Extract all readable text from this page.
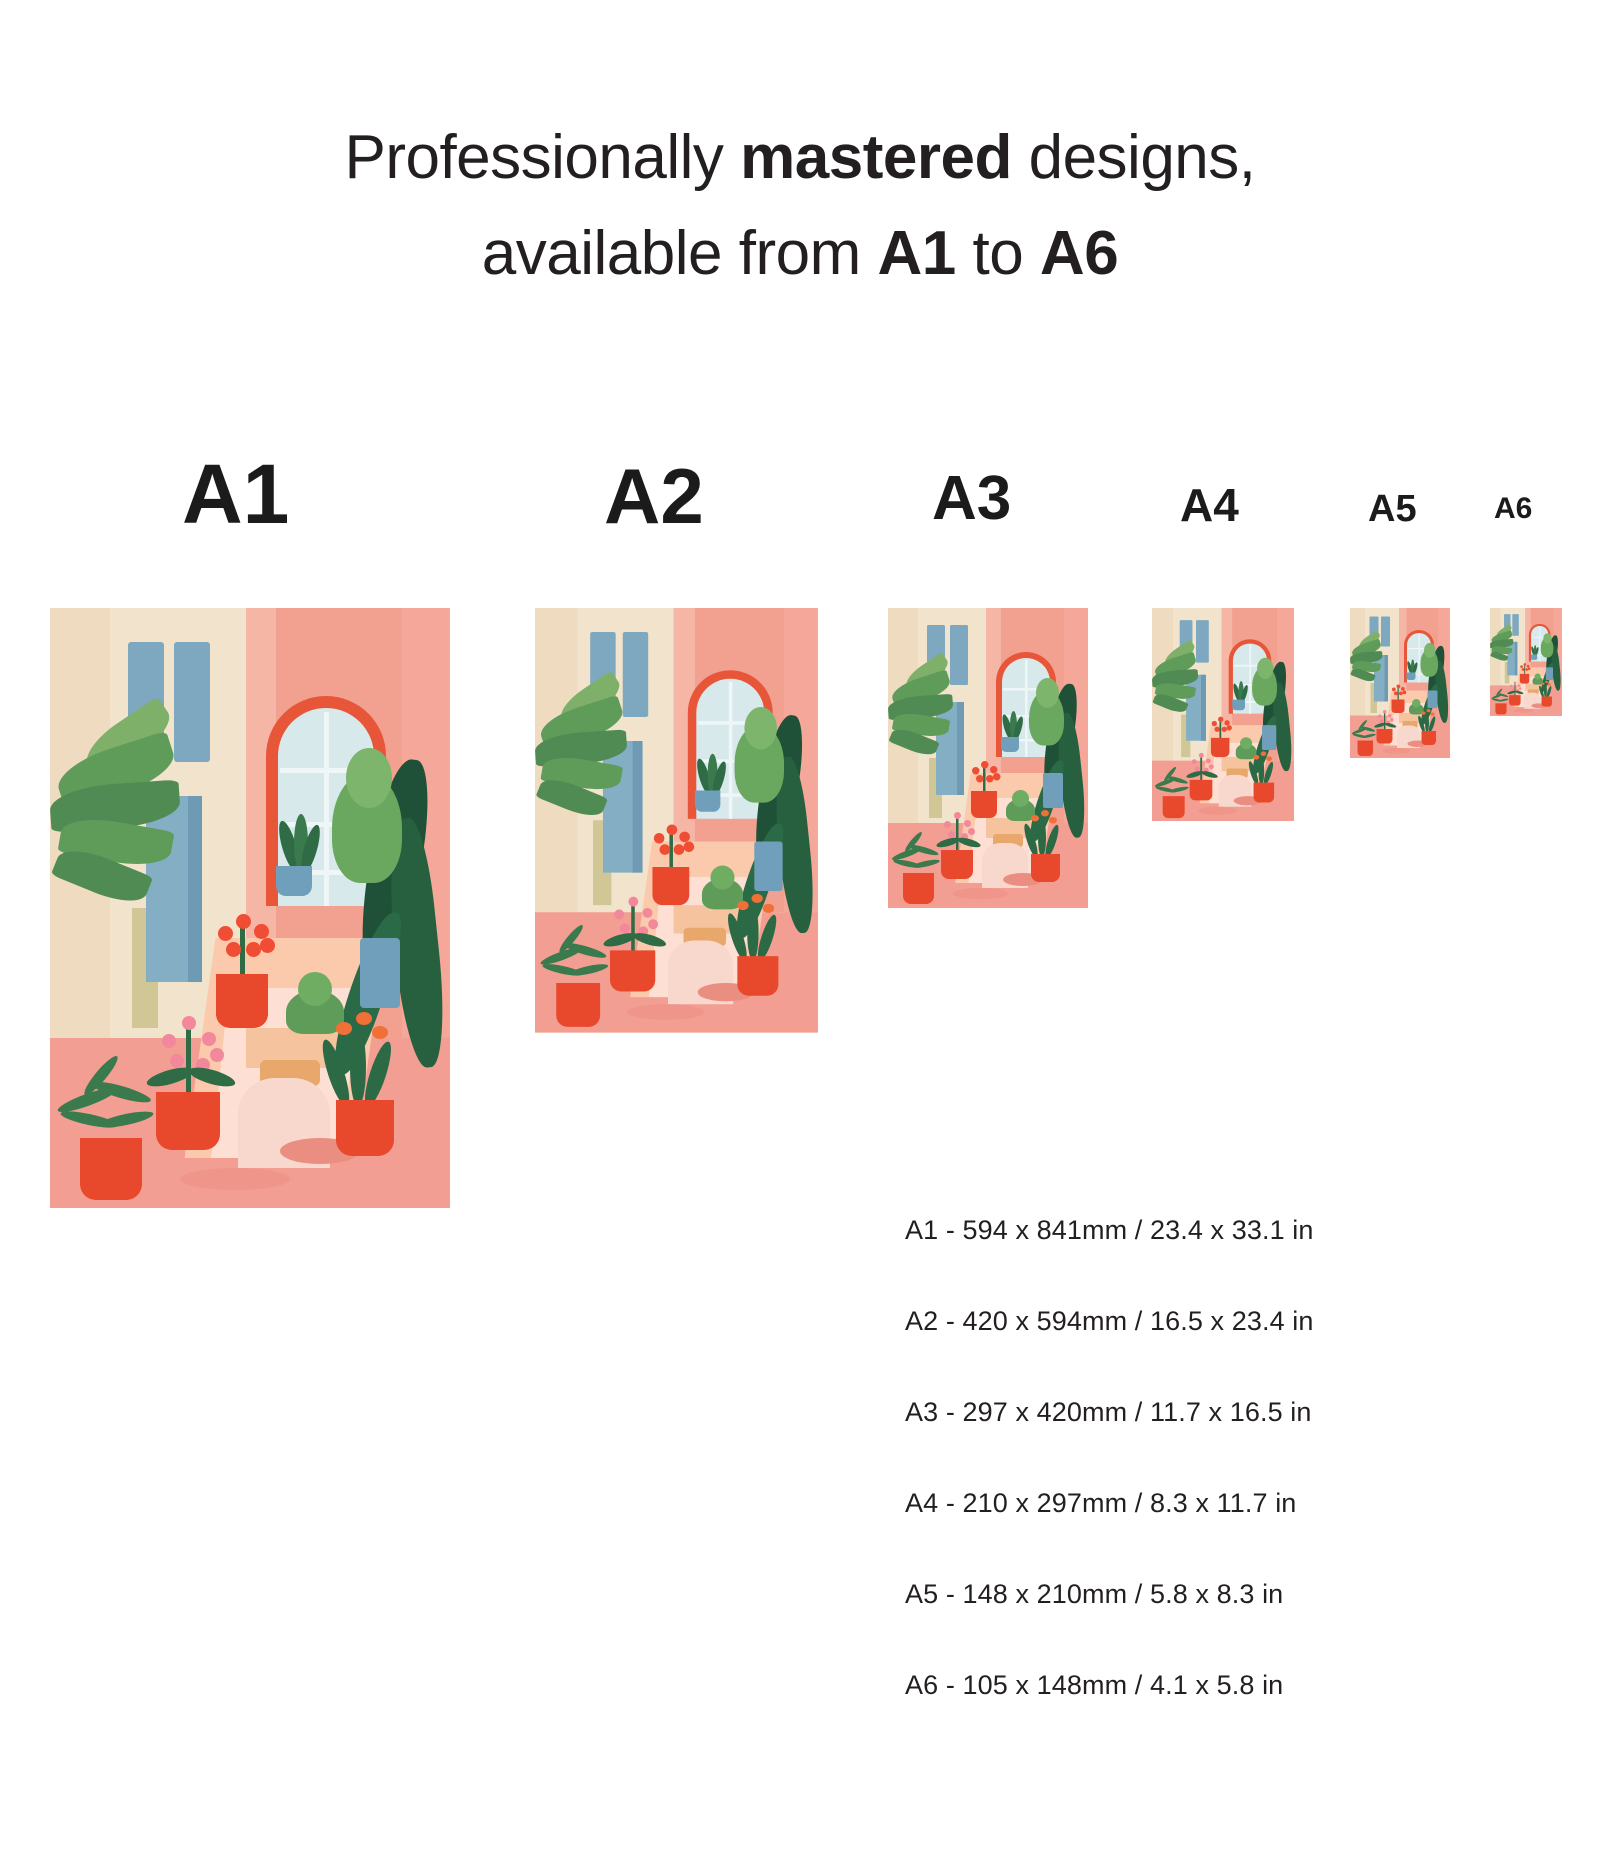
Professionally mastered designs,
available from A1 to A6
A1	A2	A3	A4	A5	A6
A1 - 594 x 841mm / 23.4 x 33.1 in
A2 - 420 x 594mm / 16.5 x 23.4 in
A3 - 297 x 420mm / 11.7 x 16.5 in
A4 - 210 x 297mm / 8.3 x 11.7 in
A5 - 148 x 210mm / 5.8 x 8.3 in
A6 - 105 x 148mm / 4.1 x 5.8 in
